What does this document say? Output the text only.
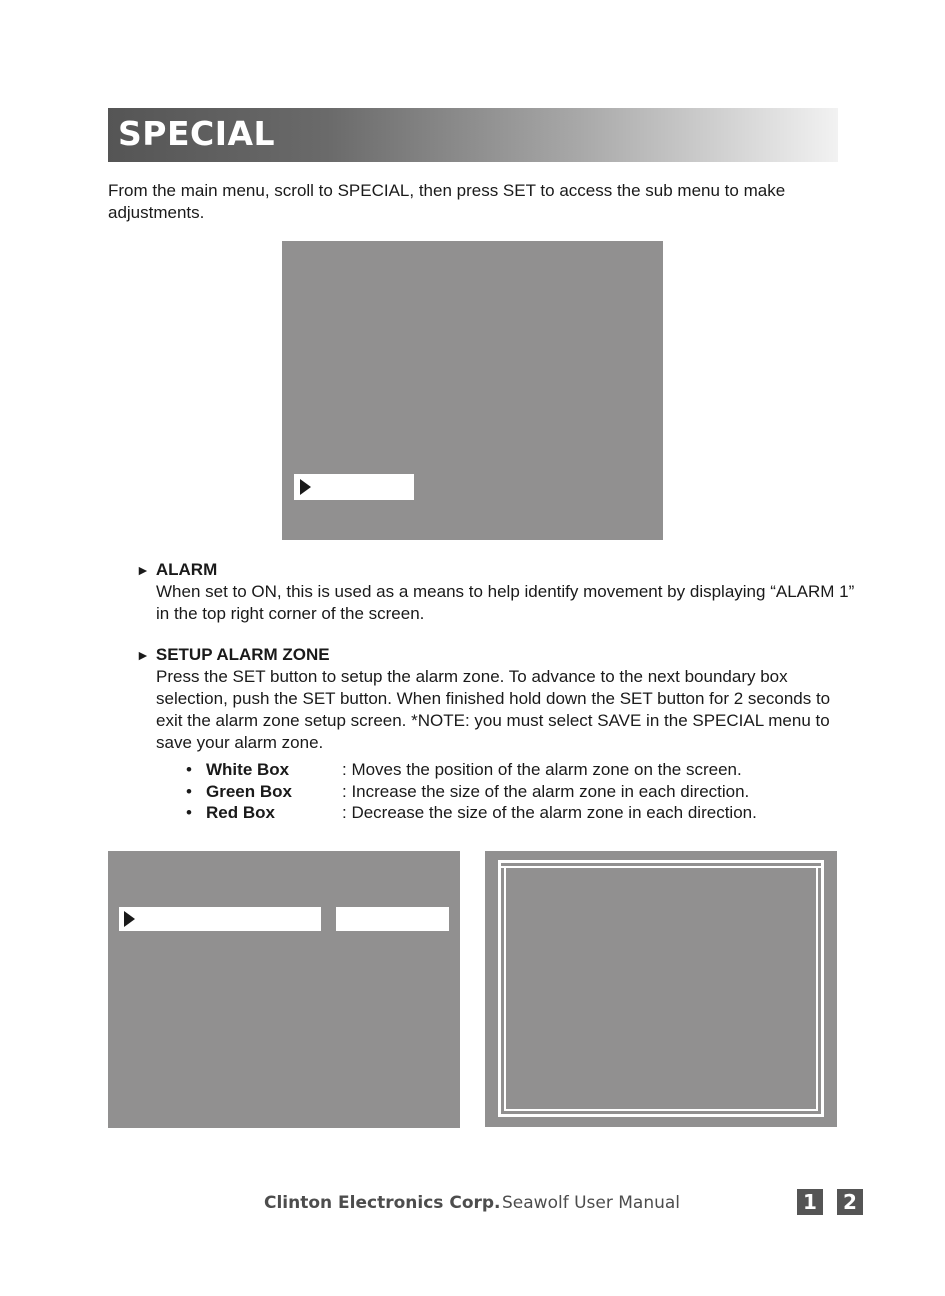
SPECIAL

From the main menu, scroll to SPECIAL, then press SET to access the sub menu to make adjustments.

► ALARM

When set to ON, this is used as a means to help identify movement by displaying “ALARM 1” in the top right corner of the screen.

► SETUP ALARM ZONE

Press the SET button to setup the alarm zone. To advance to the next boundary box selection, push the SET button. When finished hold down the SET button for 2 seconds to exit the alarm zone setup screen. *NOTE: you must select SAVE in the SPECIAL menu to save your alarm zone.

• White Box	: Moves the position of the alarm zone on the screen.
• Green Box	: Increase the size of the alarm zone in each direction.
• Red Box	: Decrease the size of the alarm zone in each direction.
Clinton Electronics Corp. Seawolf User Manual	1	2
